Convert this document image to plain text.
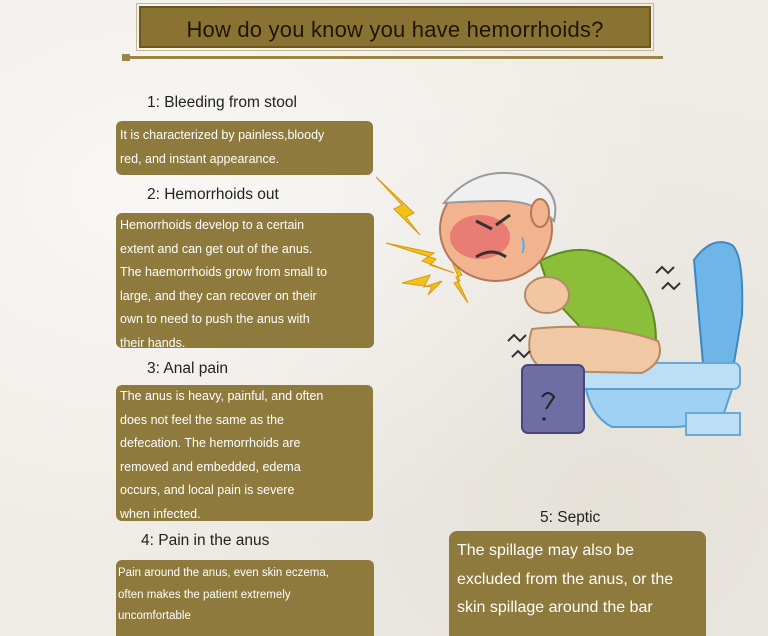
How do you know you have hemorrhoids?
1: Bleeding from stool
It is characterized by painless,bloody
red, and instant appearance.
2: Hemorrhoids out
Hemorrhoids develop to a certain
extent and can get out of the anus.
The haemorrhoids grow from small to
large, and they can recover on their
own to need to push the anus with
their hands.
3: Anal pain
The anus is heavy, painful, and often
does not feel the same as the
defecation. The hemorrhoids are
removed and embedded, edema
occurs, and local pain is severe
when infected.
4: Pain in the anus
Pain around the anus, even skin eczema,
often makes the patient extremely
uncomfortable
5: Septic
The spillage may also be
excluded from the anus, or the
skin spillage around the bar
